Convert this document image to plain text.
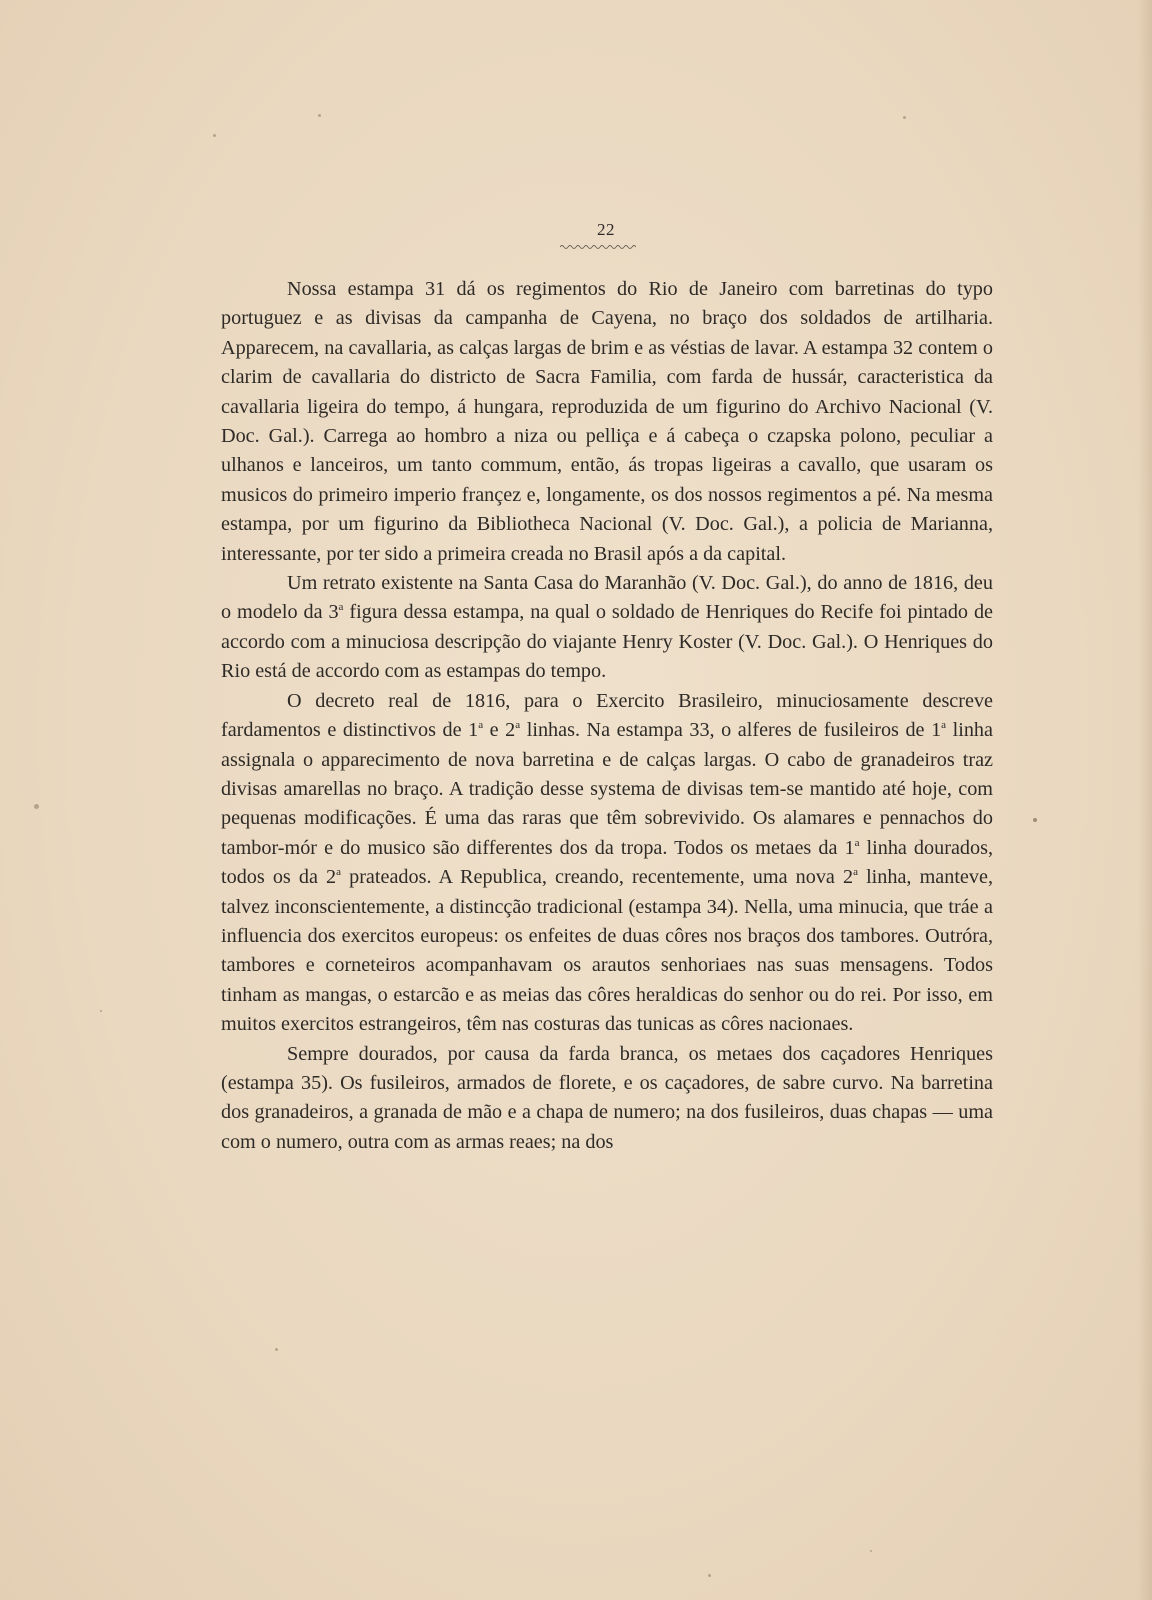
22

Nossa estampa 31 dá os regimentos do Rio de Janeiro com barretinas do typo portuguez e as divisas da campanha de Cayena, no braço dos soldados de artilharia. Apparecem, na cavallaria, as calças largas de brim e as véstias de lavar. A estampa 32 contem o clarim de cavallaria do districto de Sacra Familia, com farda de hussár, caracteristica da cavallaria ligeira do tempo, á hungara, reproduzida de um figurino do Archivo Nacional (V. Doc. Gal.). Carrega ao hombro a niza ou pelliça e á cabeça o czapska polono, peculiar a ulhanos e lanceiros, um tanto commum, então, ás tropas ligeiras a cavallo, que usaram os musicos do primeiro imperio françez e, longamente, os dos nossos regimentos a pé. Na mesma estampa, por um figurino da Bibliotheca Nacional (V. Doc. Gal.), a policia de Marianna, interessante, por ter sido a primeira creada no Brasil após a da capital.

Um retrato existente na Santa Casa do Maranhão (V. Doc. Gal.), do anno de 1816, deu o modelo da 3$^a$ figura dessa estampa, na qual o soldado de Henriques do Recife foi pintado de accordo com a minuciosa descripção do viajante Henry Koster (V. Doc. Gal.). O Henriques do Rio está de accordo com as estampas do tempo.

O decreto real de 1816, para o Exercito Brasileiro, minuciosamente descreve fardamentos e distinctivos de 1$^a$ e 2$^a$ linhas. Na estampa 33, o alferes de fusileiros de 1$^a$ linha assignala o apparecimento de nova barretina e de calças largas. O cabo de granadeiros traz divisas amarellas no braço. A tradição desse systema de divisas tem-se mantido até hoje, com pequenas modificações. É uma das raras que têm sobrevivido. Os alamares e pennachos do tambor-mór e do musico são differentes dos da tropa. Todos os metaes da 1$^a$ linha dourados, todos os da 2$^a$ prateados. A Republica, creando, recentemente, uma nova 2$^a$ linha, manteve, talvez inconscientemente, a distincção tradicional (estampa 34). Nella, uma minucia, que tráe a influencia dos exercitos europeus: os enfeites de duas côres nos braços dos tambores. Outróra, tambores e corneteiros acompanhavam os arautos senhoriaes nas suas mensagens. Todos tinham as mangas, o estarcão e as meias das côres heraldicas do senhor ou do rei. Por isso, em muitos exercitos estrangeiros, têm nas costuras das tunicas as côres nacionaes.

Sempre dourados, por causa da farda branca, os metaes dos caçadores Henriques (estampa 35). Os fusileiros, armados de florete, e os caçadores, de sabre curvo. Na barretina dos granadeiros, a granada de mão e a chapa de numero; na dos fusileiros, duas chapas — uma com o numero, outra com as armas reaes; na dos
